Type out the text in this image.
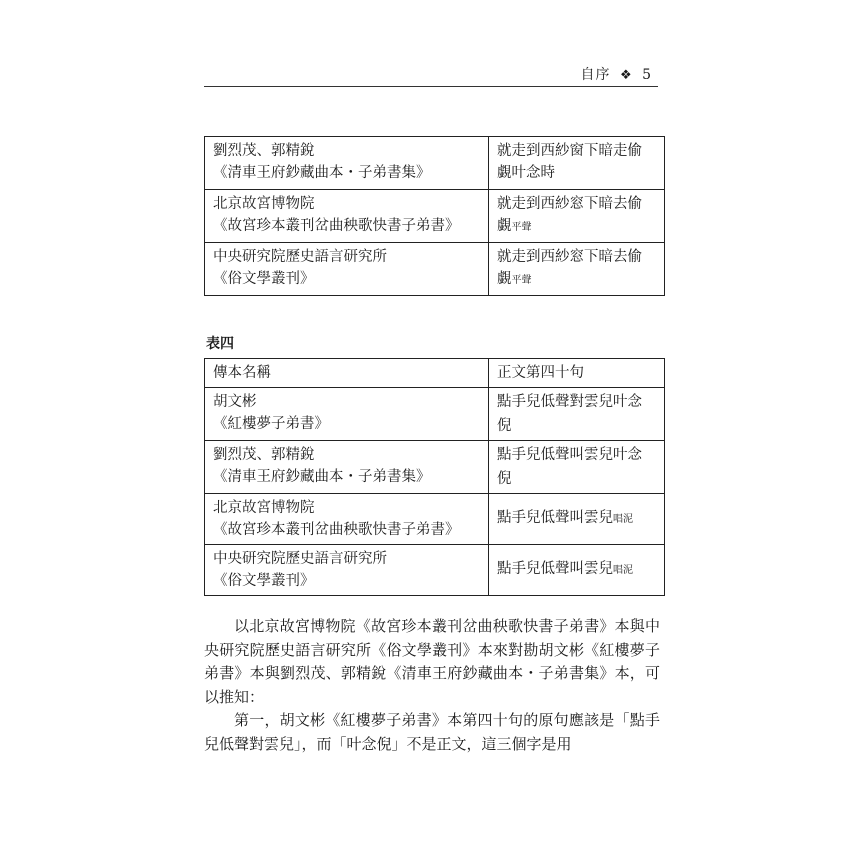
自序 ❖ 5
劉烈茂、郭精銳
《清車王府鈔藏曲本・子弟書集》	就走到西紗窗下暗走偷
覷叶念時

北京故宮博物院
《故宮珍本叢刊岔曲秧歌快書子弟書》	就走到西紗窓下暗去偷
覷平聲

中央研究院歷史語言研究所
《俗文學叢刊》	就走到西紗窓下暗去偷
覷平聲
表四
傳本名稱	正文第四十句

胡文彬
《紅樓夢子弟書》	點手兒低聲對雲兒叶念
倪

劉烈茂、郭精銳
《清車王府鈔藏曲本・子弟書集》	點手兒低聲叫雲兒叶念
倪

北京故宮博物院
《故宮珍本叢刊岔曲秧歌快書子弟書》	點手兒低聲叫雲兒唱泥

中央研究院歷史語言研究所
《俗文學叢刊》	點手兒低聲叫雲兒唱泥

以北京故宮博物院《故宮珍本叢刊岔曲秧歌快書子弟書》本與中央研究院歷史語言研究所《俗文學叢刊》本來對勘胡文彬《紅樓夢子弟書》本與劉烈茂、郭精銳《清車王府鈔藏曲本・子弟書集》本，可以推知：

第一，胡文彬《紅樓夢子弟書》本第四十句的原句應該是「點手兒低聲對雲兒」，而「叶念倪」不是正文，這三個字是用
